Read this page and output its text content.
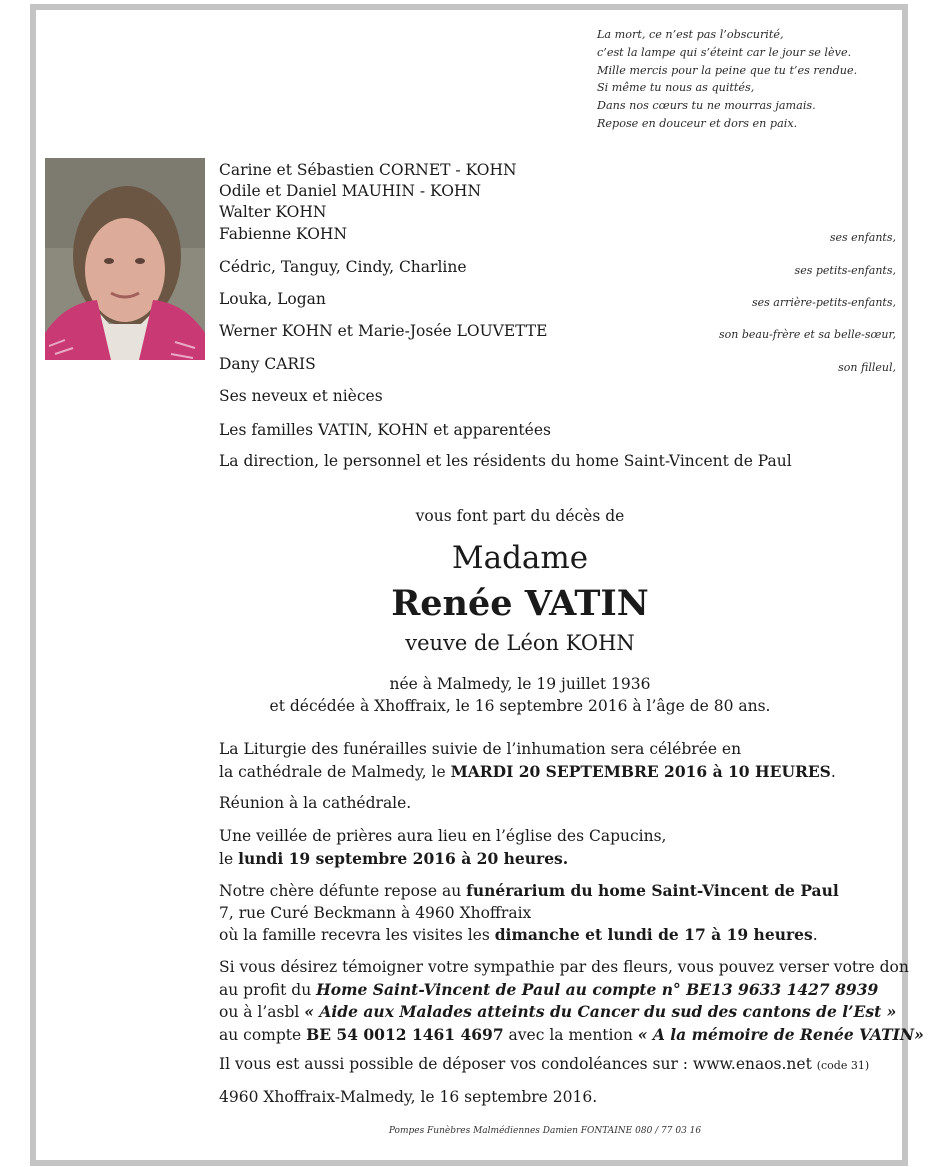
La mort, ce n’est pas l’obscurité,
c’est la lampe qui s’éteint car le jour se lève.
Mille mercis pour la peine que tu t’es rendue.
Si même tu nous as quittés,
Dans nos cœurs tu ne mourras jamais.
Repose en douceur et dors en paix.
Carine et Sébastien CORNET - KOHN
Odile et Daniel MAUHIN - KOHN
Walter KOHN
Fabienne KOHN	ses enfants,
Cédric, Tanguy, Cindy, Charline	ses petits-enfants,
Louka, Logan	ses arrière-petits-enfants,
Werner KOHN et Marie-Josée LOUVETTE	son beau-frère et sa belle-sœur,
Dany CARIS	son filleul,
Ses neveux et nièces
Les familles VATIN, KOHN et apparentées
La direction, le personnel et les résidents du home Saint-Vincent de Paul
vous font part du décès de
Madame
Renée VATIN
veuve de Léon KOHN
née à Malmedy, le 19 juillet 1936
et décédée à Xhoffraix, le 16 septembre 2016 à l’âge de 80 ans.
La Liturgie des funérailles suivie de l’inhumation sera célébrée en
la cathédrale de Malmedy, le MARDI 20 SEPTEMBRE 2016 à 10 HEURES.
Réunion à la cathédrale.
Une veillée de prières aura lieu en l’église des Capucins,
le lundi 19 septembre 2016 à 20 heures.
Notre chère défunte repose au funérarium du home Saint-Vincent de Paul
7, rue Curé Beckmann à 4960 Xhoffraix
où la famille recevra les visites les dimanche et lundi de 17 à 19 heures.
Si vous désirez témoigner votre sympathie par des fleurs, vous pouvez verser votre don
au profit du Home Saint-Vincent de Paul au compte n° BE13 9633 1427 8939
ou à l’asbl « Aide aux Malades atteints du Cancer du sud des cantons de l’Est »
au compte BE 54 0012 1461 4697 avec la mention « A la mémoire de Renée VATIN»
Il vous est aussi possible de déposer vos condoléances sur : www.enaos.net (code 31)
4960 Xhoffraix-Malmedy, le 16 septembre 2016.
Pompes Funèbres Malmédiennes Damien FONTAINE 080 / 77 03 16
